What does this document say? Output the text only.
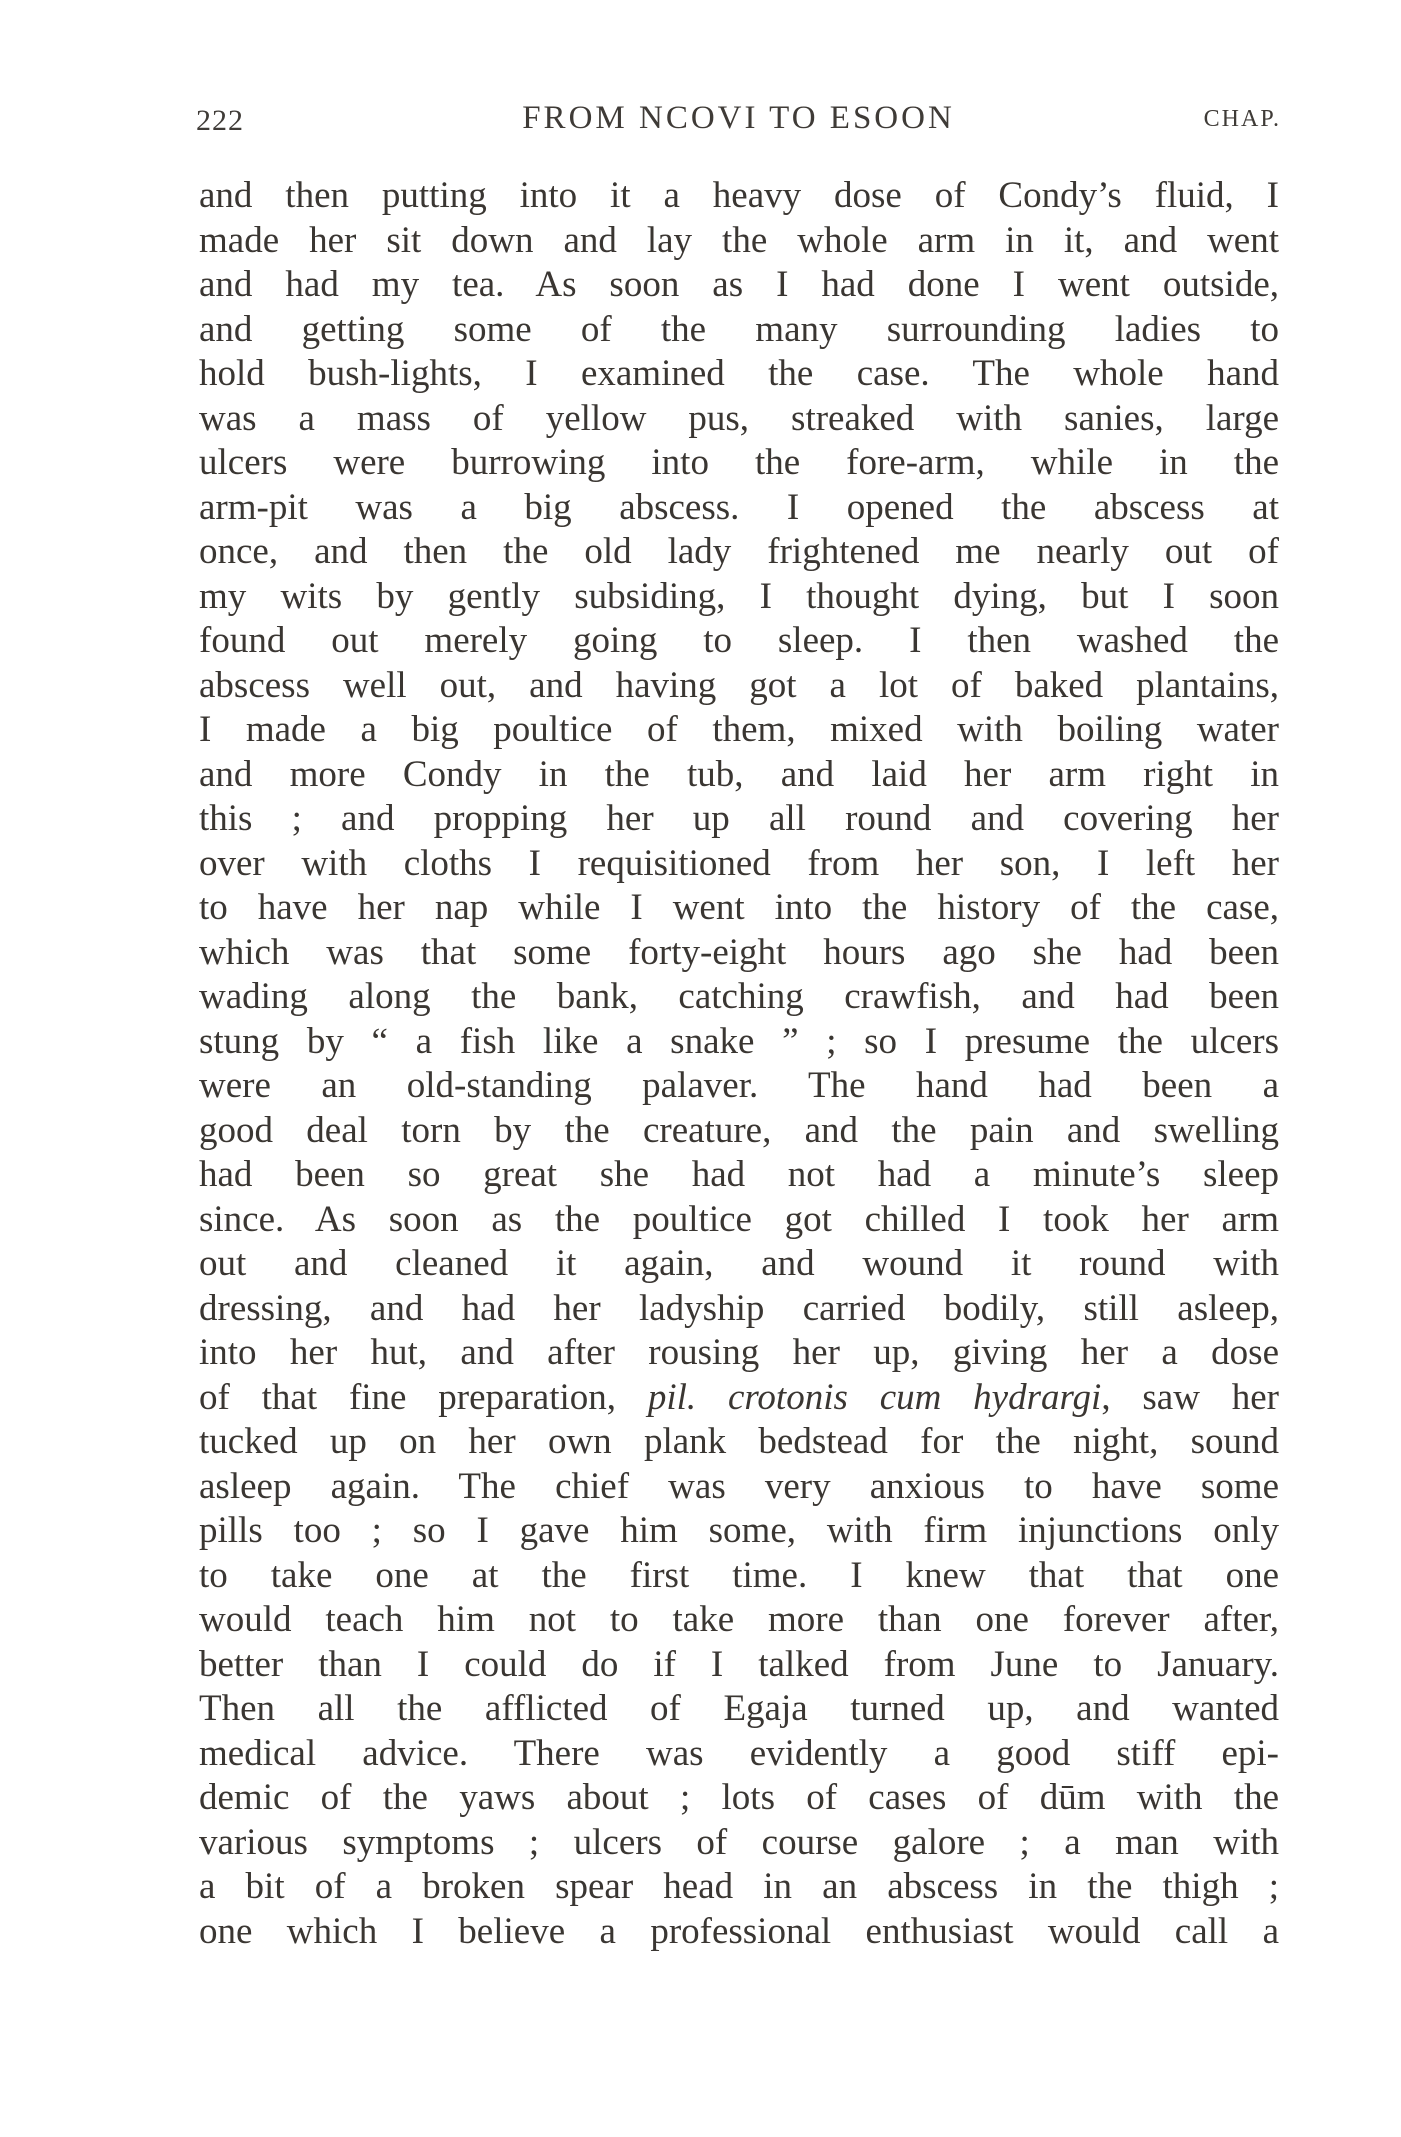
222	FROM NCOVI TO ESOON	CHAP.
and then putting into it a heavy dose of Condy’s fluid, I
made her sit down and lay the whole arm in it, and went
and had my tea. As soon as I had done I went outside,
and getting some of the many surrounding ladies to
hold bush-lights, I examined the case. The whole hand
was a mass of yellow pus, streaked with sanies, large
ulcers were burrowing into the fore-arm, while in the
arm-pit was a big abscess. I opened the abscess at
once, and then the old lady frightened me nearly out of
my wits by gently subsiding, I thought dying, but I soon
found out merely going to sleep. I then washed the
abscess well out, and having got a lot of baked plantains,
I made a big poultice of them, mixed with boiling water
and more Condy in the tub, and laid her arm right in
this ; and propping her up all round and covering her
over with cloths I requisitioned from her son, I left her
to have her nap while I went into the history of the case,
which was that some forty-eight hours ago she had been
wading along the bank, catching crawfish, and had been
stung by “ a fish like a snake ” ; so I presume the ulcers
were an old-standing palaver. The hand had been a
good deal torn by the creature, and the pain and swelling
had been so great she had not had a minute’s sleep
since. As soon as the poultice got chilled I took her arm
out and cleaned it again, and wound it round with
dressing, and had her ladyship carried bodily, still asleep,
into her hut, and after rousing her up, giving her a dose
of that fine preparation, pil. crotonis cum hydrargi, saw her
tucked up on her own plank bedstead for the night, sound
asleep again. The chief was very anxious to have some
pills too ; so I gave him some, with firm injunctions only
to take one at the first time. I knew that that one
would teach him not to take more than one forever after,
better than I could do if I talked from June to January.
Then all the afflicted of Egaja turned up, and wanted
medical advice. There was evidently a good stiff epi-
demic of the yaws about ; lots of cases of dūm with the
various symptoms ; ulcers of course galore ; a man with
a bit of a broken spear head in an abscess in the thigh ;
one which I believe a professional enthusiast would call a
